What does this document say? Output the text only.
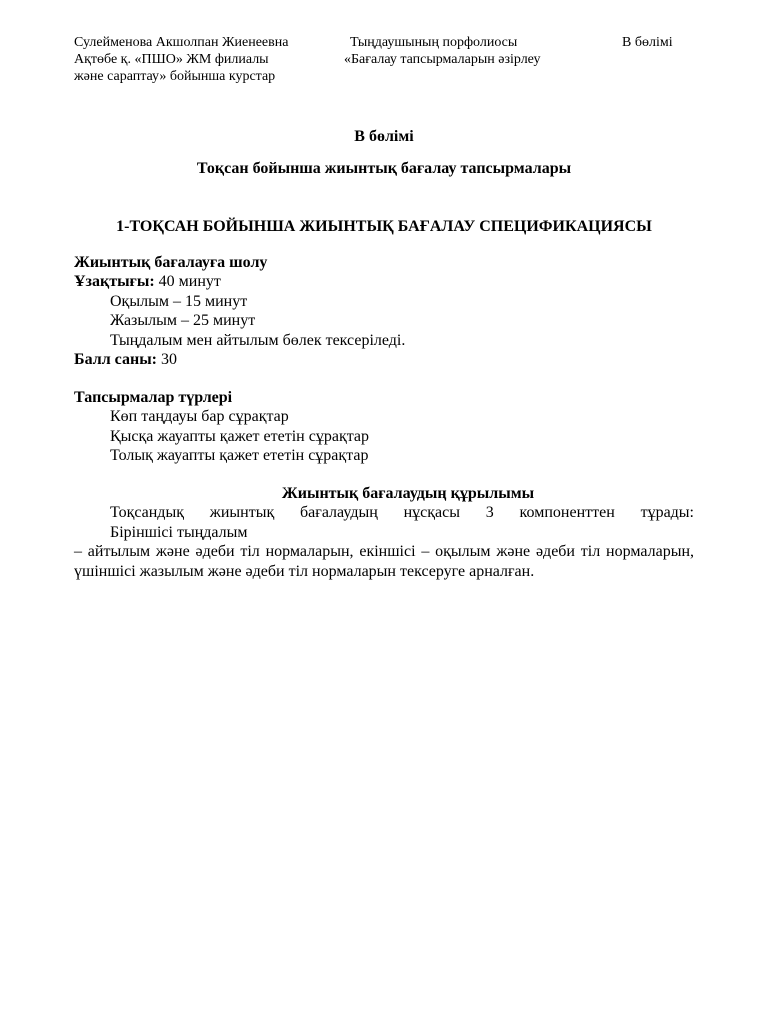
Сулейменова Акшолпан Жиенеевна
Ақтөбе қ. «ПШО» ЖМ филиалы
және сараптау» бойынша курстар
Тыңдаушының порфолиосы
«Бағалау тапсырмаларын әзірлеу
В бөлімі
В бөлімі
Тоқсан бойынша жиынтық бағалау тапсырмалары
1-ТОҚСАН БОЙЫНША ЖИЫНТЫҚ БАҒАЛАУ СПЕЦИФИКАЦИЯСЫ
Жиынтық бағалауға шолу
Ұзақтығы: 40 минут
Оқылым – 15 минут
Жазылым – 25 минут
Тыңдалым мен айтылым бөлек тексеріледі.
Балл саны: 30
Тапсырмалар түрлері
Көп таңдауы бар сұрақтар
Қысқа жауапты қажет ететін сұрақтар
Толық жауапты қажет ететін сұрақтар
Жиынтық бағалаудың құрылымы
Тоқсандық жиынтық бағалаудың нұсқасы 3 компоненттен тұрады:
Біріншісі тыңдалым
– айтылым және әдеби тіл нормаларын, екіншісі – оқылым және әдеби тіл нормаларын, үшіншісі жазылым және әдеби тіл нормаларын тексеруге арналған.
